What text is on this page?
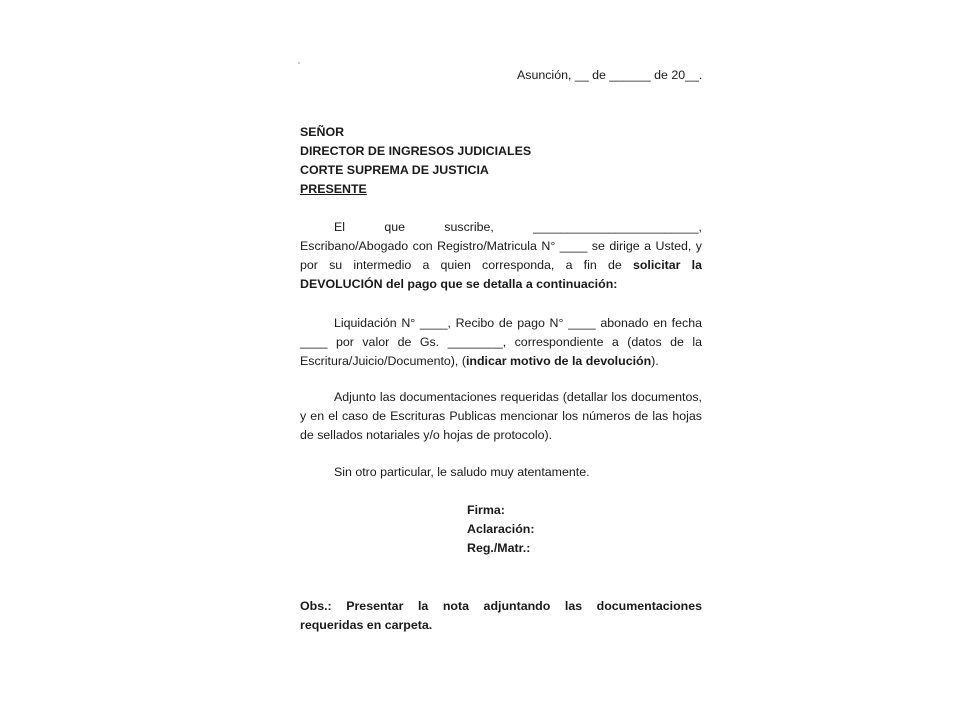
Asunción, __ de ______ de 20__.
SEÑOR
DIRECTOR DE INGRESOS JUDICIALES
CORTE SUPREMA DE JUSTICIA
PRESENTE
El que suscribe, ________________________, Escribano/Abogado con Registro/Matricula N° ____ se dirige a Usted, y por su intermedio a quien corresponda, a fin de solicitar la DEVOLUCIÓN del pago que se detalla a continuación:
Liquidación N° ____, Recibo de pago N° ____ abonado en fecha ____ por valor de Gs. ________, correspondiente a (datos de la Escritura/Juicio/Documento), (indicar motivo de la devolución).
Adjunto las documentaciones requeridas (detallar los documentos, y en el caso de Escrituras Publicas mencionar los números de las hojas de sellados notariales y/o hojas de protocolo).
Sin otro particular, le saludo muy atentamente.
Firma:
Aclaración:
Reg./Matr.:
Obs.: Presentar la nota adjuntando las documentaciones requeridas en carpeta.
